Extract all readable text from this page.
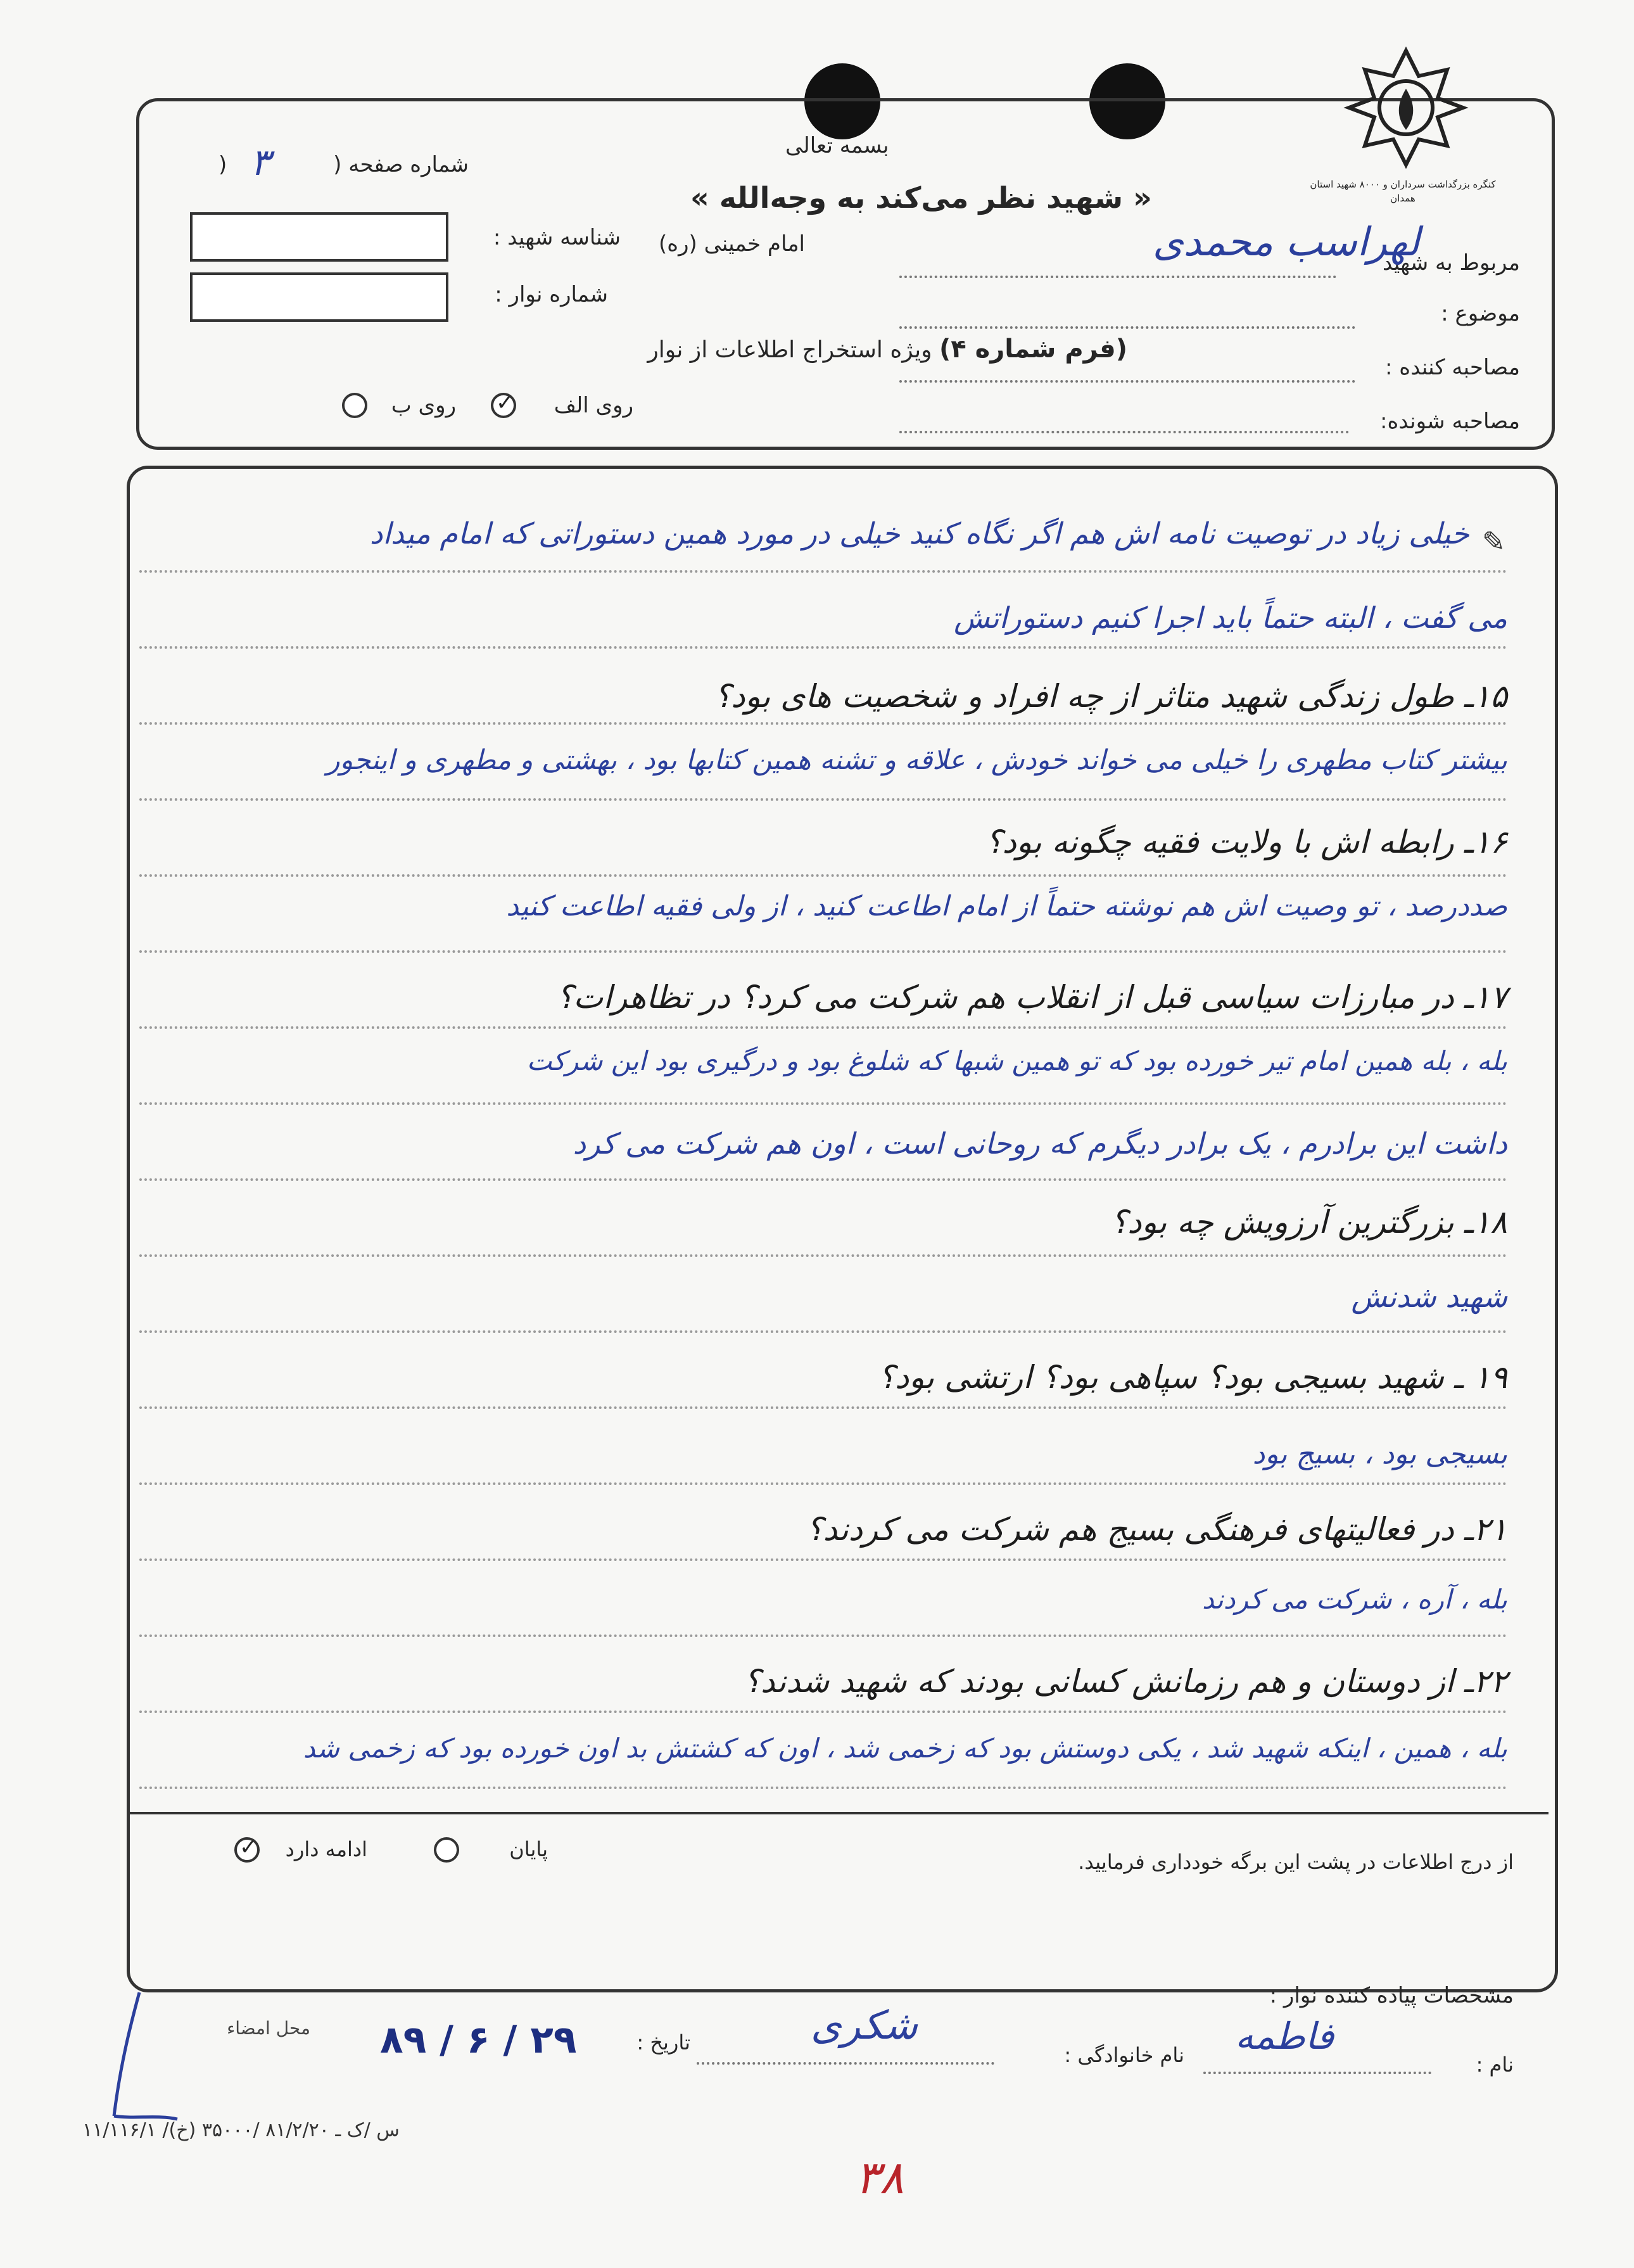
کنگره بزرگداشت سرداران و ۸۰۰۰ شهید استان همدان
بسمه تعالی
« شهید نظر می‌کند به وجه‌الله »
امام خمینی (ره)
شماره صفحه (
۳
)
شناسه شهید :
شماره نوار :
مربوط به شهید
لهراسب محمدی
موضوع :
مصاحبه کننده :
مصاحبه شونده:
(فرم شماره ۴) ویژه استخراج اطلاعات از نوار
روی الف
✓
روی ب
✎
خیلی زیاد در توصیت نامه اش هم اگر نگاه کنید خیلی در مورد همین دستوراتی که امام میداد
می گفت ، البته حتماً باید اجرا کنیم دستوراتش
۱۵ـ طول زندگی شهید متاثر از چه افراد و شخصیت های بود؟
بیشتر کتاب مطهری را خیلی می خواند خودش ، علاقه و تشنه همین کتابها بود ، بهشتی و مطهری و اینجور
۱۶ـ رابطه اش با ولایت فقیه چگونه بود؟
صددرصد ، تو وصیت اش هم نوشته حتماً از امام اطاعت کنید ، از ولی فقیه اطاعت کنید
۱۷ـ در مبارزات سیاسی قبل از انقلاب هم شرکت می کرد؟ در تظاهرات؟
بله ، بله همین امام تیر خورده بود که تو همین شبها که شلوغ بود و درگیری بود این شرکت
داشت این برادرم ، یک برادر دیگرم که روحانی است ، اون هم شرکت می کرد
۱۸ـ بزرگترین آرزویش چه بود؟
شهید شدنش
۱۹ ـ شهید بسیجی بود؟ سپاهی بود؟ ارتشی بود؟
بسیجی بود ، بسیج بود
۲۱ـ در فعالیتهای فرهنگی بسیج هم شرکت می کردند؟
بله ، آره ، شرکت می کردند
۲۲ـ از دوستان و هم رزمانش کسانی بودند که شهید شدند؟
بله ، همین ، اینکه شهید شد ، یکی دوستش بود که زخمی شد ، اون که کشتش بد اون خورده بود که زخمی شد
✓
ادامه دارد	پایان
از درج اطلاعات در پشت این برگه خودداری فرمایید.
مشخصات پیاده کننده نوار :
نام :
فاطمه
نام خانوادگی :
شکری
تاریخ :
۸۹ / ۶ / ۲۹
محل امضاء
۱۱/۱۱۶/۱ /س /ک ـ ۸۱/۲/۲۰ /۳۵۰۰۰ (خ)
۳۸
